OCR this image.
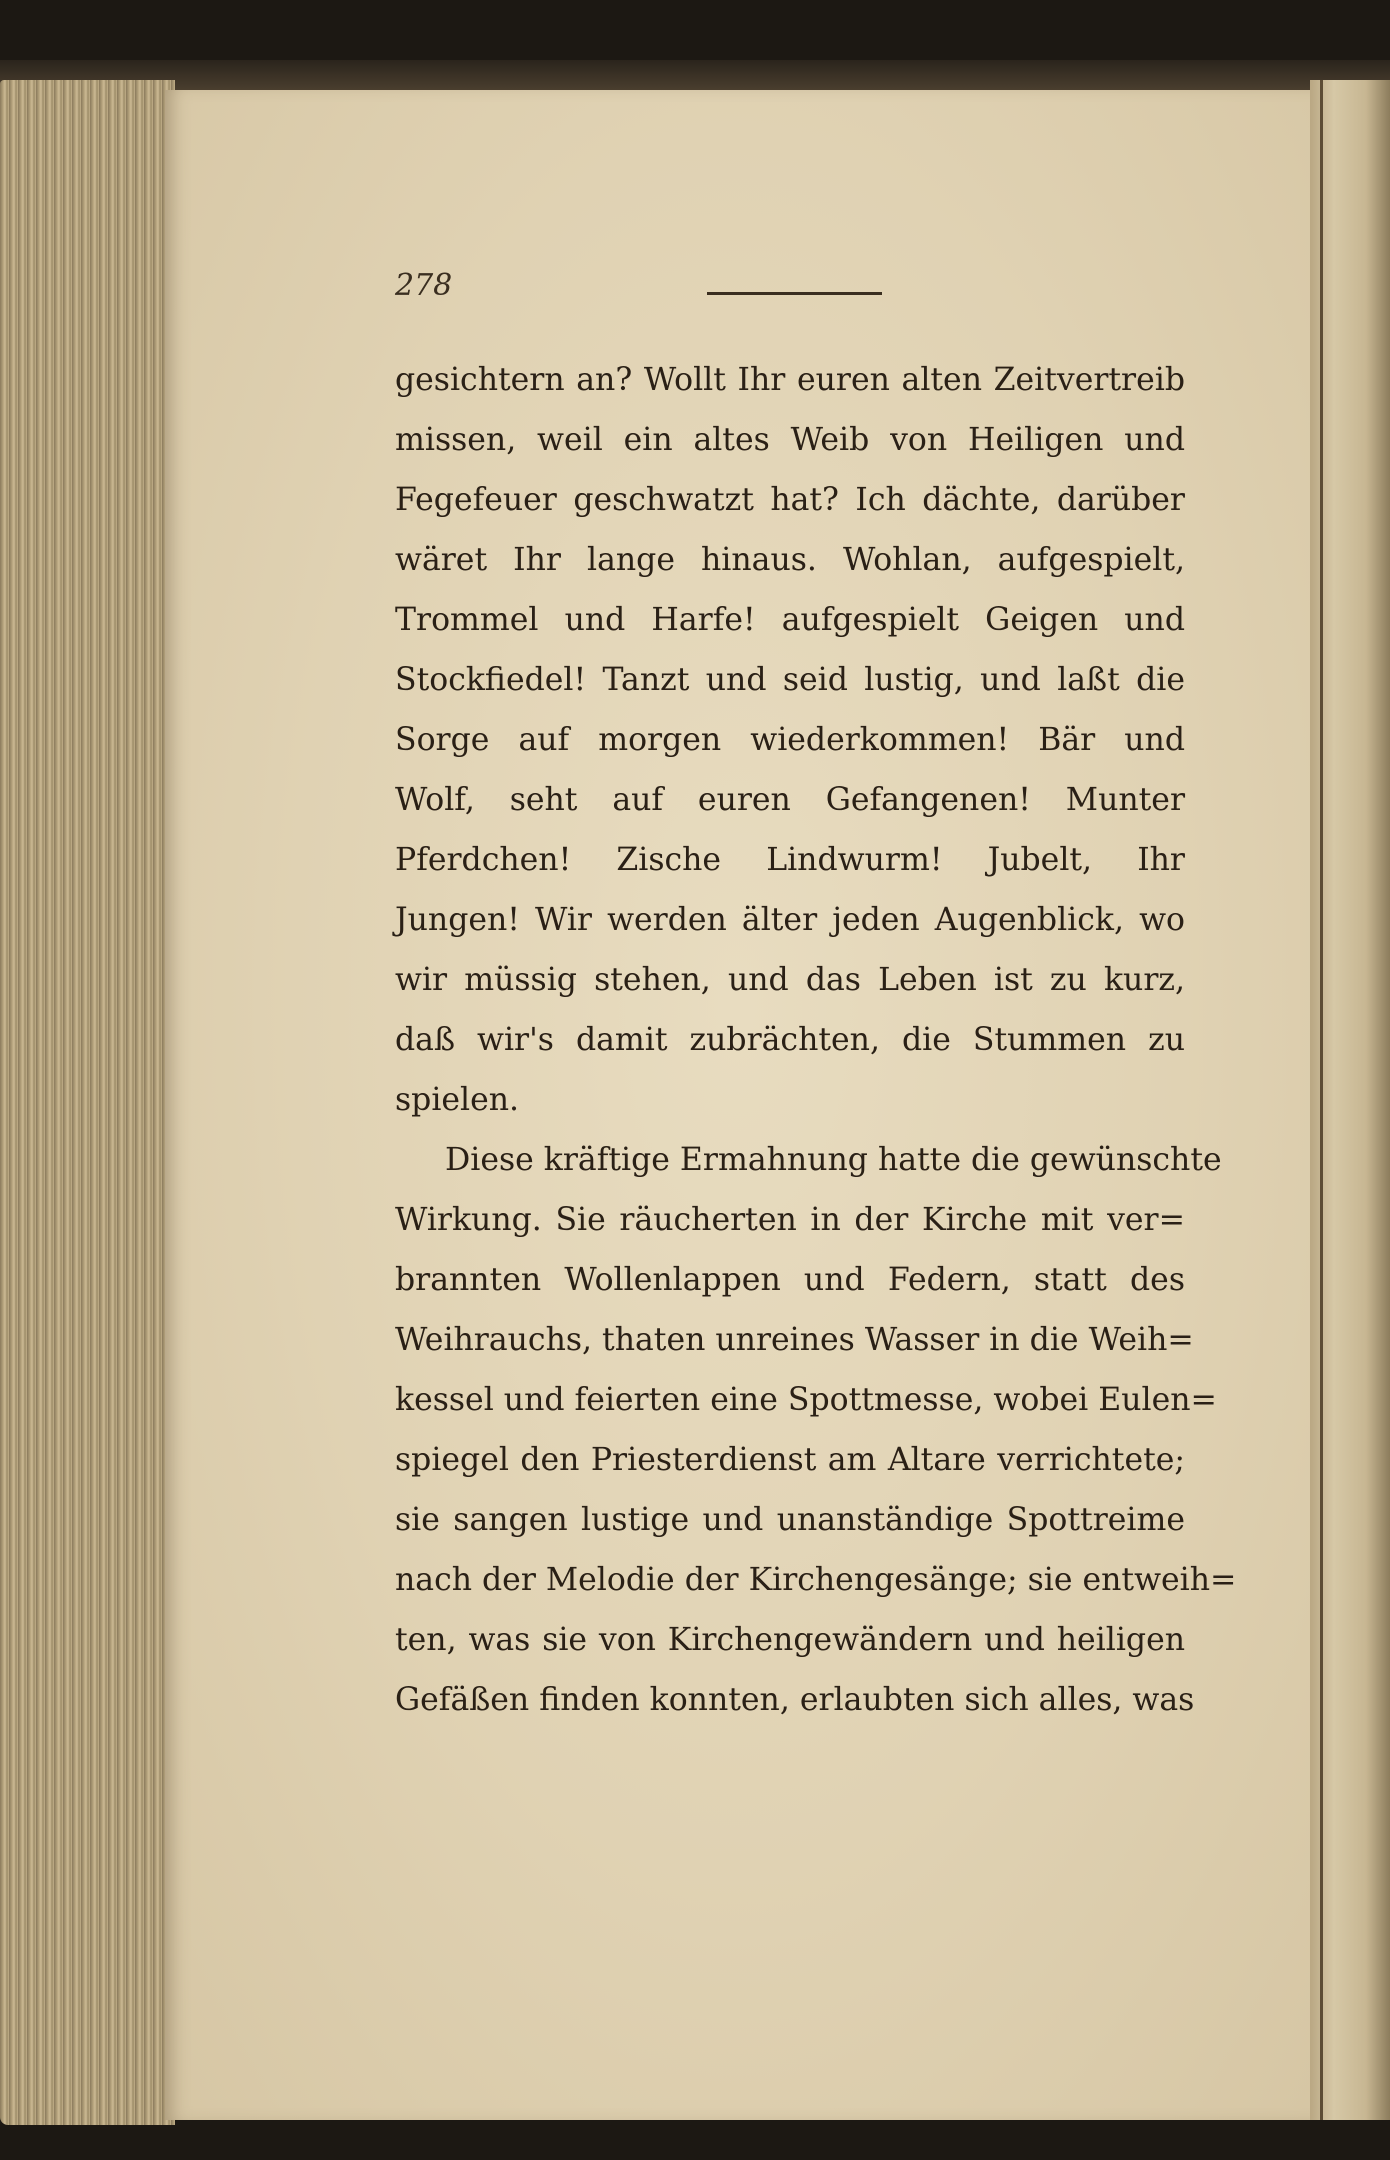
278
gesichtern an? Wollt Ihr euren alten Zeitvertreib
missen, weil ein altes Weib von Heiligen und
Fegefeuer geschwatzt hat? Ich dächte, darüber
wäret Ihr lange hinaus. Wohlan, aufgespielt,
Trommel und Harfe! aufgespielt Geigen und
Stockfiedel! Tanzt und seid lustig, und laßt die
Sorge auf morgen wiederkommen! Bär und
Wolf, seht auf euren Gefangenen! Munter
Pferdchen! Zische Lindwurm! Jubelt, Ihr
Jungen! Wir werden älter jeden Augenblick, wo
wir müssig stehen, und das Leben ist zu kurz,
daß wir's damit zubrächten, die Stummen zu
spielen.
Diese kräftige Ermahnung hatte die gewünschte
Wirkung. Sie räucherten in der Kirche mit ver=
brannten Wollenlappen und Federn, statt des
Weihrauchs, thaten unreines Wasser in die Weih=
kessel und feierten eine Spottmesse, wobei Eulen=
spiegel den Priesterdienst am Altare verrichtete;
sie sangen lustige und unanständige Spottreime
nach der Melodie der Kirchengesänge; sie entweih=
ten, was sie von Kirchengewändern und heiligen
Gefäßen finden konnten, erlaubten sich alles, was
